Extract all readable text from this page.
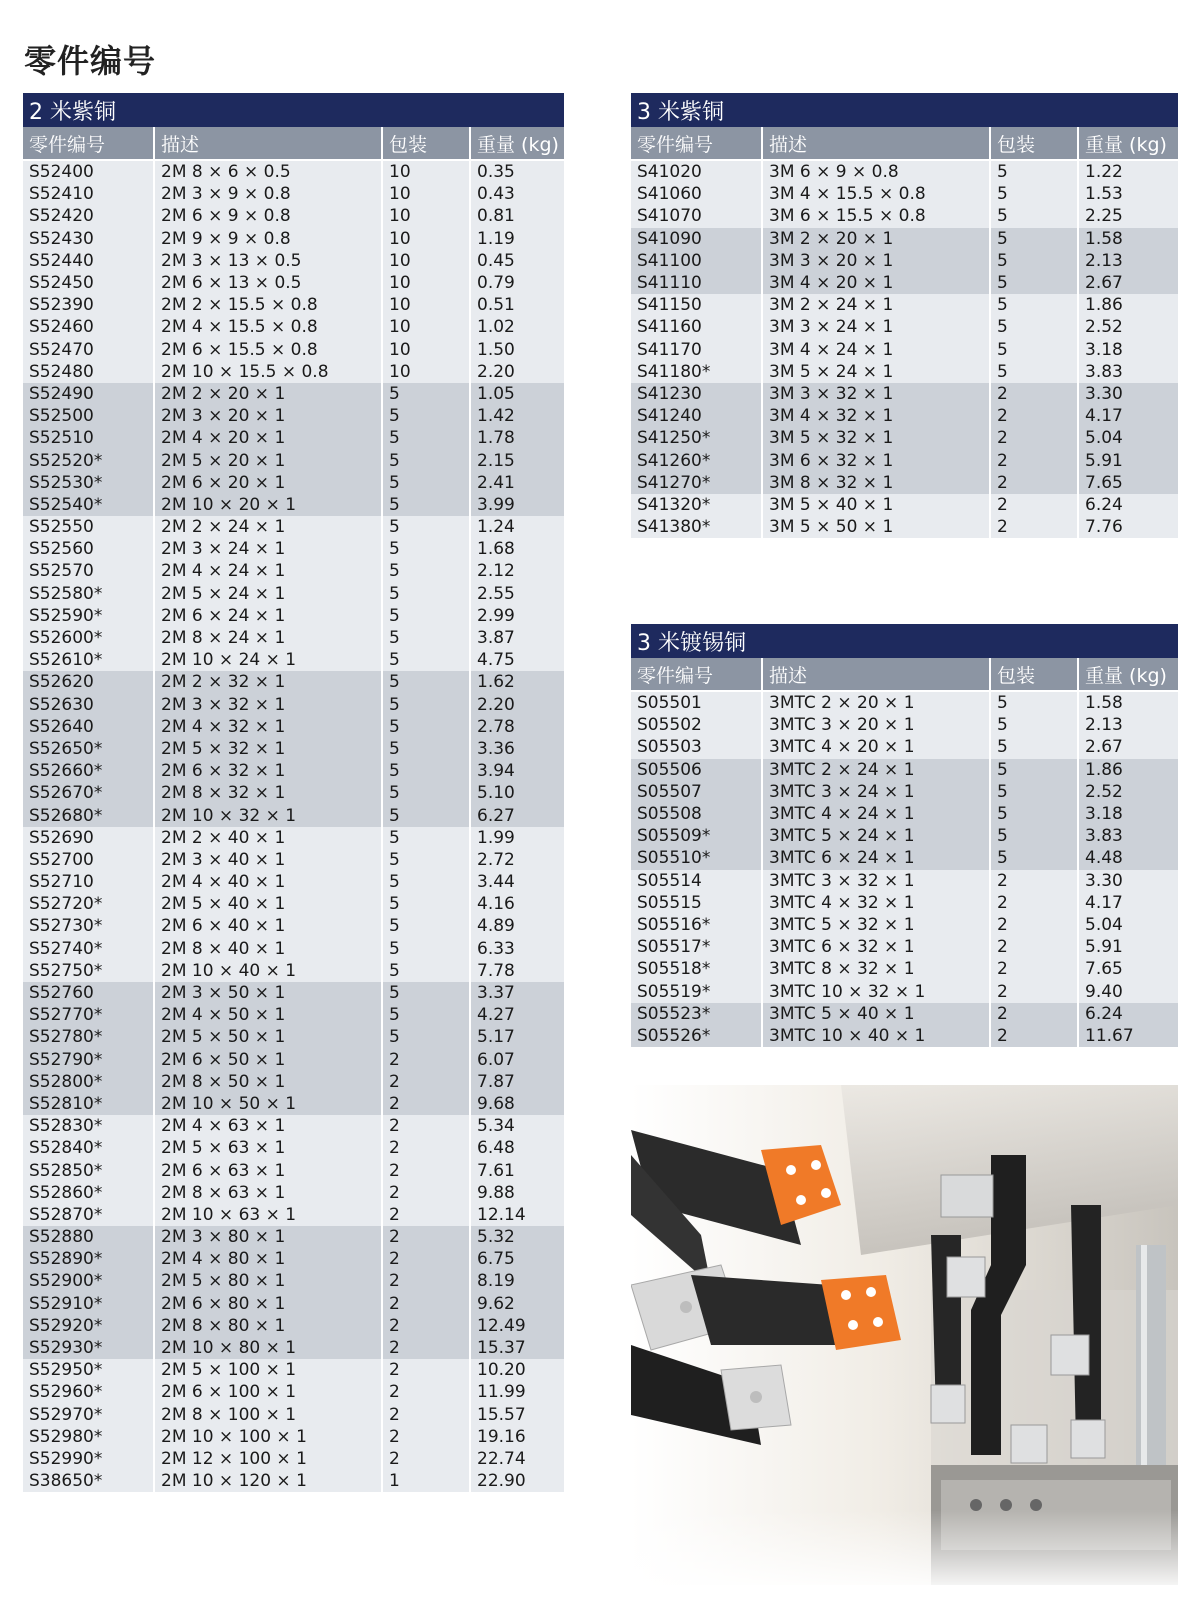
零件编号
2 米紫铜			
零件编号	描述	包装	重量 (kg)
S52400	2M 8 × 6 × 0.5	10	0.35
S52410	2M 3 × 9 × 0.8	10	0.43
S52420	2M 6 × 9 × 0.8	10	0.81
S52430	2M 9 × 9 × 0.8	10	1.19
S52440	2M 3 × 13 × 0.5	10	0.45
S52450	2M 6 × 13 × 0.5	10	0.79
S52390	2M 2 × 15.5 × 0.8	10	0.51
S52460	2M 4 × 15.5 × 0.8	10	1.02
S52470	2M 6 × 15.5 × 0.8	10	1.50
S52480	2M 10 × 15.5 × 0.8	10	2.20
S52490	2M 2 × 20 × 1	5	1.05
S52500	2M 3 × 20 × 1	5	1.42
S52510	2M 4 × 20 × 1	5	1.78
S52520*	2M 5 × 20 × 1	5	2.15
S52530*	2M 6 × 20 × 1	5	2.41
S52540*	2M 10 × 20 × 1	5	3.99
S52550	2M 2 × 24 × 1	5	1.24
S52560	2M 3 × 24 × 1	5	1.68
S52570	2M 4 × 24 × 1	5	2.12
S52580*	2M 5 × 24 × 1	5	2.55
S52590*	2M 6 × 24 × 1	5	2.99
S52600*	2M 8 × 24 × 1	5	3.87
S52610*	2M 10 × 24 × 1	5	4.75
S52620	2M 2 × 32 × 1	5	1.62
S52630	2M 3 × 32 × 1	5	2.20
S52640	2M 4 × 32 × 1	5	2.78
S52650*	2M 5 × 32 × 1	5	3.36
S52660*	2M 6 × 32 × 1	5	3.94
S52670*	2M 8 × 32 × 1	5	5.10
S52680*	2M 10 × 32 × 1	5	6.27
S52690	2M 2 × 40 × 1	5	1.99
S52700	2M 3 × 40 × 1	5	2.72
S52710	2M 4 × 40 × 1	5	3.44
S52720*	2M 5 × 40 × 1	5	4.16
S52730*	2M 6 × 40 × 1	5	4.89
S52740*	2M 8 × 40 × 1	5	6.33
S52750*	2M 10 × 40 × 1	5	7.78
S52760	2M 3 × 50 × 1	5	3.37
S52770*	2M 4 × 50 × 1	5	4.27
S52780*	2M 5 × 50 × 1	5	5.17
S52790*	2M 6 × 50 × 1	2	6.07
S52800*	2M 8 × 50 × 1	2	7.87
S52810*	2M 10 × 50 × 1	2	9.68
S52830*	2M 4 × 63 × 1	2	5.34
S52840*	2M 5 × 63 × 1	2	6.48
S52850*	2M 6 × 63 × 1	2	7.61
S52860*	2M 8 × 63 × 1	2	9.88
S52870*	2M 10 × 63 × 1	2	12.14
S52880	2M 3 × 80 × 1	2	5.32
S52890*	2M 4 × 80 × 1	2	6.75
S52900*	2M 5 × 80 × 1	2	8.19
S52910*	2M 6 × 80 × 1	2	9.62
S52920*	2M 8 × 80 × 1	2	12.49
S52930*	2M 10 × 80 × 1	2	15.37
S52950*	2M 5 × 100 × 1	2	10.20
S52960*	2M 6 × 100 × 1	2	11.99
S52970*	2M 8 × 100 × 1	2	15.57
S52980*	2M 10 × 100 × 1	2	19.16
S52990*	2M 12 × 100 × 1	2	22.74
S38650*	2M 10 × 120 × 1	1	22.90
3 米紫铜			
零件编号	描述	包装	重量 (kg)
S41020	3M 6 × 9 × 0.8	5	1.22
S41060	3M 4 × 15.5 × 0.8	5	1.53
S41070	3M 6 × 15.5 × 0.8	5	2.25
S41090	3M 2 × 20 × 1	5	1.58
S41100	3M 3 × 20 × 1	5	2.13
S41110	3M 4 × 20 × 1	5	2.67
S41150	3M 2 × 24 × 1	5	1.86
S41160	3M 3 × 24 × 1	5	2.52
S41170	3M 4 × 24 × 1	5	3.18
S41180*	3M 5 × 24 × 1	5	3.83
S41230	3M 3 × 32 × 1	2	3.30
S41240	3M 4 × 32 × 1	2	4.17
S41250*	3M 5 × 32 × 1	2	5.04
S41260*	3M 6 × 32 × 1	2	5.91
S41270*	3M 8 × 32 × 1	2	7.65
S41320*	3M 5 × 40 × 1	2	6.24
S41380*	3M 5 × 50 × 1	2	7.76
3 米镀锡铜			
零件编号	描述	包装	重量 (kg)
S05501	3MTC 2 × 20 × 1	5	1.58
S05502	3MTC 3 × 20 × 1	5	2.13
S05503	3MTC 4 × 20 × 1	5	2.67
S05506	3MTC 2 × 24 × 1	5	1.86
S05507	3MTC 3 × 24 × 1	5	2.52
S05508	3MTC 4 × 24 × 1	5	3.18
S05509*	3MTC 5 × 24 × 1	5	3.83
S05510*	3MTC 6 × 24 × 1	5	4.48
S05514	3MTC 3 × 32 × 1	2	3.30
S05515	3MTC 4 × 32 × 1	2	4.17
S05516*	3MTC 5 × 32 × 1	2	5.04
S05517*	3MTC 6 × 32 × 1	2	5.91
S05518*	3MTC 8 × 32 × 1	2	7.65
S05519*	3MTC 10 × 32 × 1	2	9.40
S05523*	3MTC 5 × 40 × 1	2	6.24
S05526*	3MTC 10 × 40 × 1	2	11.67
